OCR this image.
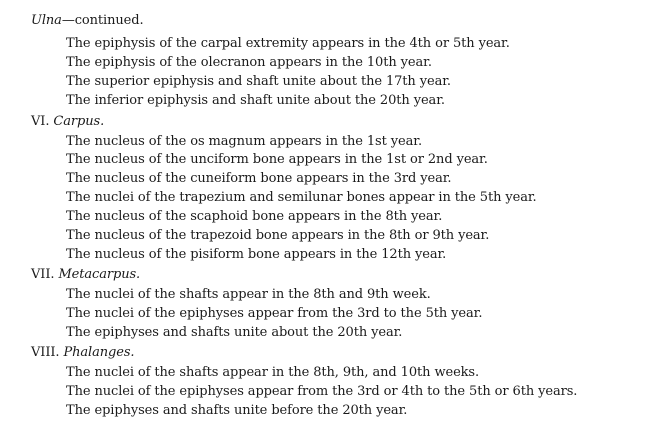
Ulna—continued.
The epiphysis of the carpal extremity appears in the 4th or 5th year.
The epiphysis of the olecranon appears in the 10th year.
The superior epiphysis and shaft unite about the 17th year.
The inferior epiphysis and shaft unite about the 20th year.
VI. Carpus.
The nucleus of the os magnum appears in the 1st year.
The nucleus of the unciform bone appears in the 1st or 2nd year.
The nucleus of the cuneiform bone appears in the 3rd year.
The nuclei of the trapezium and semilunar bones appear in the 5th year.
The nucleus of the scaphoid bone appears in the 8th year.
The nucleus of the trapezoid bone appears in the 8th or 9th year.
The nucleus of the pisiform bone appears in the 12th year.
VII. Metacarpus.
The nuclei of the shafts appear in the 8th and 9th week.
The nuclei of the epiphyses appear from the 3rd to the 5th year.
The epiphyses and shafts unite about the 20th year.
VIII. Phalanges.
The nuclei of the shafts appear in the 8th, 9th, and 10th weeks.
The nuclei of the epiphyses appear from the 3rd or 4th to the 5th or 6th years.
The epiphyses and shafts unite before the 20th year.
